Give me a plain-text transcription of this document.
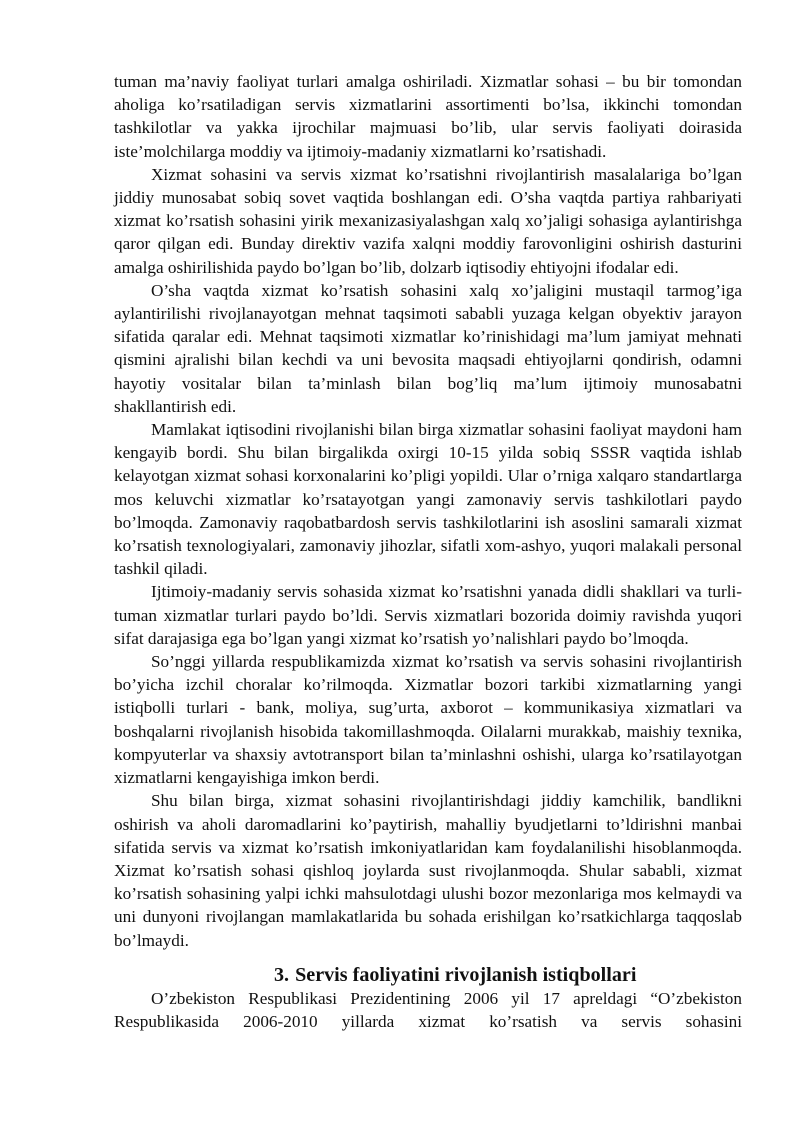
tuman ma’naviy faoliyat turlari amalga oshiriladi. Xizmatlar sohasi – bu bir tomondan aholiga ko’rsatiladigan servis xizmatlarini assortimenti bo’lsa, ikkinchi tomondan tashkilotlar va yakka ijrochilar majmuasi bo’lib, ular servis faoliyati doirasida iste’molchilarga moddiy va ijtimoiy-madaniy xizmatlarni ko’rsatishadi.

Xizmat sohasini va servis xizmat ko’rsatishni rivojlantirish masalalariga bo’lgan jiddiy munosabat sobiq sovet vaqtida boshlangan edi. O’sha vaqtda partiya rahbariyati xizmat ko’rsatish sohasini yirik mexanizasiyalashgan xalq xo’jaligi sohasiga aylantirishga qaror qilgan edi. Bunday direktiv vazifa xalqni moddiy farovonligini oshirish dasturini amalga oshirilishida paydo bo’lgan bo’lib, dolzarb iqtisodiy ehtiyojni ifodalar edi.

O’sha vaqtda xizmat ko’rsatish sohasini xalq xo’jaligini mustaqil tarmog’iga aylantirilishi rivojlanayotgan mehnat taqsimoti sababli yuzaga kelgan obyektiv jarayon sifatida qaralar edi. Mehnat taqsimoti xizmatlar ko’rinishidagi ma’lum jamiyat mehnati qismini ajralishi bilan kechdi va uni bevosita maqsadi ehtiyojlarni qondirish, odamni hayotiy vositalar bilan ta’minlash bilan bog’liq ma’lum ijtimoiy munosabatni shakllantirish edi.

Mamlakat iqtisodini rivojlanishi bilan birga xizmatlar sohasini faoliyat maydoni ham kengayib bordi. Shu bilan birgalikda oxirgi 10-15 yilda sobiq SSSR vaqtida ishlab kelayotgan xizmat sohasi korxonalarini ko’pligi yopildi. Ular o’rniga xalqaro standartlarga mos keluvchi xizmatlar ko’rsatayotgan yangi zamonaviy servis tashkilotlari paydo bo’lmoqda. Zamonaviy raqobatbardosh servis tashkilotlarini ish asoslini samarali xizmat ko’rsatish texnologiyalari, zamonaviy jihozlar, sifatli xom-ashyo, yuqori malakali personal tashkil qiladi.

Ijtimoiy-madaniy servis sohasida xizmat ko’rsatishni yanada didli shakllari va turli-tuman xizmatlar turlari paydo bo’ldi. Servis xizmatlari bozorida doimiy ravishda yuqori sifat darajasiga ega bo’lgan yangi xizmat ko’rsatish yo’nalishlari paydo bo’lmoqda.

So’nggi yillarda respublikamizda xizmat ko’rsatish va servis sohasini rivojlantirish bo’yicha izchil choralar ko’rilmoqda. Xizmatlar bozori tarkibi xizmatlarning yangi istiqbolli turlari - bank, moliya, sug’urta, axborot – kommunikasiya xizmatlari va boshqalarni rivojlanish hisobida takomillashmoqda. Oilalarni murakkab, maishiy texnika, kompyuterlar va shaxsiy avtotransport bilan ta’minlashni oshishi, ularga ko’rsatilayotgan xizmatlarni kengayishiga imkon berdi.

Shu bilan birga, xizmat sohasini rivojlantirishdagi jiddiy kamchilik, bandlikni oshirish va aholi daromadlarini ko’paytirish, mahalliy byudjetlarni to’ldirishni manbai sifatida servis va xizmat ko’rsatish imkoniyatlaridan kam foydalanilishi hisoblanmoqda. Xizmat ko’rsatish sohasi qishloq joylarda sust rivojlanmoqda. Shular sababli, xizmat ko’rsatish sohasining yalpi ichki mahsulotdagi ulushi bozor mezonlariga mos kelmaydi va uni dunyoni rivojlangan mamlakatlarida bu sohada erishilgan ko’rsatkichlarga taqqoslab bo’lmaydi.

3. Servis faoliyatini rivojlanish istiqbollari

O’zbekiston Respublikasi Prezidentining 2006 yil 17 apreldagi “O’zbekiston Respublikasida 2006-2010 yillarda xizmat ko’rsatish va servis sohasini
